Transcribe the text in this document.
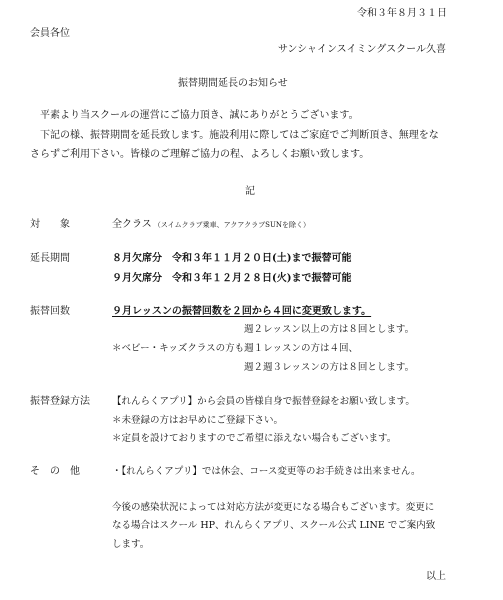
令和３年８月３１日
会員各位
サンシャインスイミングスクール久喜
振替期間延長のお知らせ
平素より当スクールの運営にご協力頂き、誠にありがとうございます。
下記の様、振替期間を延長致します。施設利用に際してはご家庭でご判断頂き、無理をな
さらずご利用下さい。皆様のご理解ご協力の程、よろしくお願い致します。
記
対　　象	全クラス （スイムクラブ乗車、アクアクラブSUNを除く）
延長期間	８月欠席分　令和３年１１月２０日(土)まで振替可能
９月欠席分　令和３年１２月２８日(火)まで振替可能
振替回数	９月レッスンの振替回数を２回から４回に変更致します。
週２レッスン以上の方は８回とします。
＊ベビー・キッズクラスの方も週１レッスンの方は４回、
週２週３レッスンの方は８回とします。
振替登録方法 【れんらくアプリ】から会員の皆様自身で振替登録をお願い致します。
＊未登録の方はお早めにご登録下さい。
＊定員を設けておりますのでご希望に添えない場合もございます。
そ　の　他	・【れんらくアプリ】では休会、コース変更等のお手続きは出来ません。
今後の感染状況によっては対応方法が変更になる場合もございます。変更に
なる場合はスクール HP、れんらくアプリ、スクール公式 LINE でご案内致
します。
以上
